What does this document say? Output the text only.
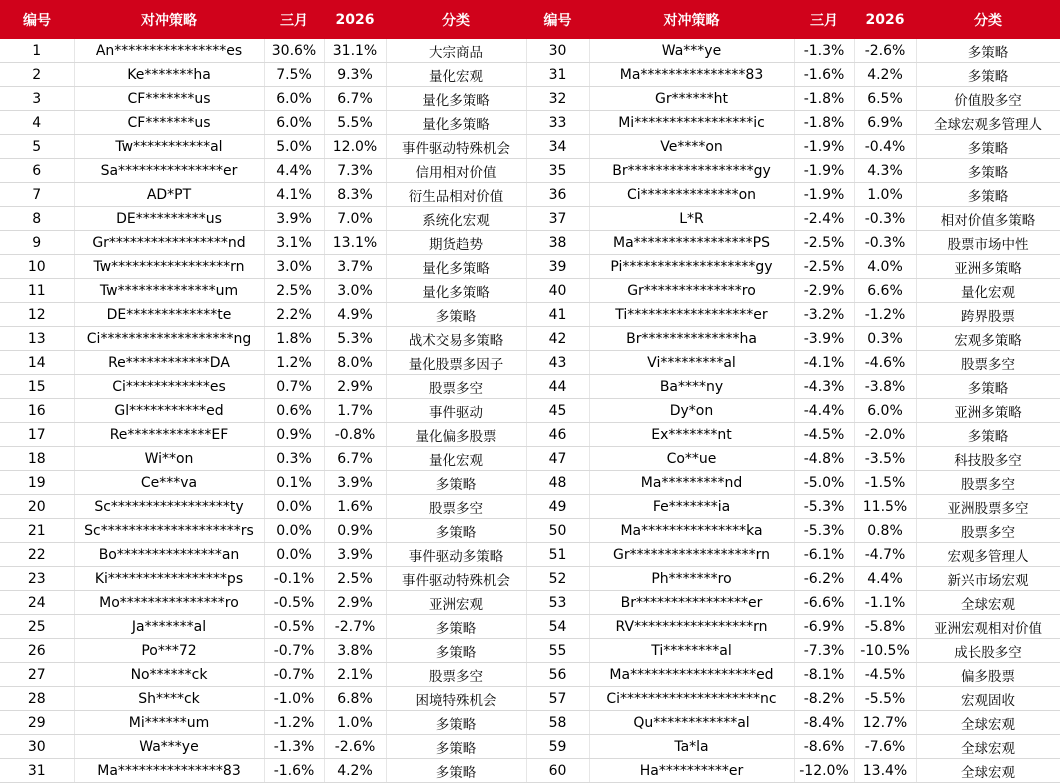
编号	对冲策略	三月	2026	分类	编号	对冲策略	三月	2026	分类
1	An****************es	30.6%	31.1%	大宗商品	30	Wa***ye	-1.3%	-2.6%	多策略
2	Ke*******ha	7.5%	9.3%	量化宏观	31	Ma***************83	-1.6%	4.2%	多策略
3	CF*******us	6.0%	6.7%	量化多策略	32	Gr******ht	-1.8%	6.5%	价值股多空
4	CF*******us	6.0%	5.5%	量化多策略	33	Mi*****************ic	-1.8%	6.9%	全球宏观多管理人
5	Tw***********al	5.0%	12.0%	事件驱动特殊机会	34	Ve****on	-1.9%	-0.4%	多策略
6	Sa***************er	4.4%	7.3%	信用相对价值	35	Br******************gy	-1.9%	4.3%	多策略
7	AD*PT	4.1%	8.3%	衍生品相对价值	36	Ci**************on	-1.9%	1.0%	多策略
8	DE**********us	3.9%	7.0%	系统化宏观	37	L*R	-2.4%	-0.3%	相对价值多策略
9	Gr*****************nd	3.1%	13.1%	期货趋势	38	Ma*****************PS	-2.5%	-0.3%	股票市场中性
10	Tw*****************rn	3.0%	3.7%	量化多策略	39	Pi*******************gy	-2.5%	4.0%	亚洲多策略
11	Tw**************um	2.5%	3.0%	量化多策略	40	Gr**************ro	-2.9%	6.6%	量化宏观
12	DE*************te	2.2%	4.9%	多策略	41	Ti******************er	-3.2%	-1.2%	跨界股票
13	Ci*******************ng	1.8%	5.3%	战术交易多策略	42	Br**************ha	-3.9%	0.3%	宏观多策略
14	Re************DA	1.2%	8.0%	量化股票多因子	43	Vi*********al	-4.1%	-4.6%	股票多空
15	Ci************es	0.7%	2.9%	股票多空	44	Ba****ny	-4.3%	-3.8%	多策略
16	Gl***********ed	0.6%	1.7%	事件驱动	45	Dy*on	-4.4%	6.0%	亚洲多策略
17	Re************EF	0.9%	-0.8%	量化偏多股票	46	Ex*******nt	-4.5%	-2.0%	多策略
18	Wi**on	0.3%	6.7%	量化宏观	47	Co**ue	-4.8%	-3.5%	科技股多空
19	Ce***va	0.1%	3.9%	多策略	48	Ma*********nd	-5.0%	-1.5%	股票多空
20	Sc*****************ty	0.0%	1.6%	股票多空	49	Fe*******ia	-5.3%	11.5%	亚洲股票多空
21	Sc********************rs	0.0%	0.9%	多策略	50	Ma***************ka	-5.3%	0.8%	股票多空
22	Bo***************an	0.0%	3.9%	事件驱动多策略	51	Gr******************rn	-6.1%	-4.7%	宏观多管理人
23	Ki*****************ps	-0.1%	2.5%	事件驱动特殊机会	52	Ph*******ro	-6.2%	4.4%	新兴市场宏观
24	Mo***************ro	-0.5%	2.9%	亚洲宏观	53	Br****************er	-6.6%	-1.1%	全球宏观
25	Ja*******al	-0.5%	-2.7%	多策略	54	RV*****************rn	-6.9%	-5.8%	亚洲宏观相对价值
26	Po***72	-0.7%	3.8%	多策略	55	Ti********al	-7.3%	-10.5%	成长股多空
27	No******ck	-0.7%	2.1%	股票多空	56	Ma******************ed	-8.1%	-4.5%	偏多股票
28	Sh****ck	-1.0%	6.8%	困境特殊机会	57	Ci********************nc	-8.2%	-5.5%	宏观固收
29	Mi******um	-1.2%	1.0%	多策略	58	Qu************al	-8.4%	12.7%	全球宏观
30	Wa***ye	-1.3%	-2.6%	多策略	59	Ta*la	-8.6%	-7.6%	全球宏观
31	Ma***************83	-1.6%	4.2%	多策略	60	Ha**********er	-12.0%	13.4%	全球宏观
